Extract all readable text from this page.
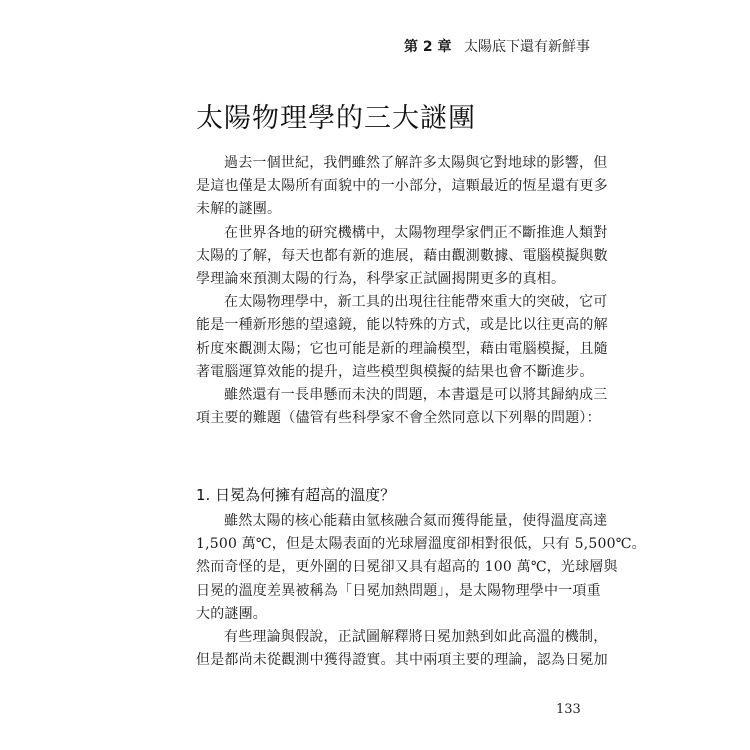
第 2 章 太陽底下還有新鮮事
太陽物理學的三大謎團
過去一個世紀，我們雖然了解許多太陽與它對地球的影響，但
是這也僅是太陽所有面貌中的一小部分，這顆最近的恆星還有更多
未解的謎團。
在世界各地的研究機構中，太陽物理學家們正不斷推進人類對
太陽的了解，每天也都有新的進展，藉由觀測數據、電腦模擬與數
學理論來預測太陽的行為，科學家正試圖揭開更多的真相。
在太陽物理學中，新工具的出現往往能帶來重大的突破，它可
能是一種新形態的望遠鏡，能以特殊的方式，或是比以往更高的解
析度來觀測太陽；它也可能是新的理論模型，藉由電腦模擬，且隨
著電腦運算效能的提升，這些模型與模擬的結果也會不斷進步。
雖然還有一長串懸而未決的問題，本書還是可以將其歸納成三
項主要的難題（儘管有些科學家不會全然同意以下列舉的問題）：
1. 日冕為何擁有超高的溫度？
雖然太陽的核心能藉由氫核融合氦而獲得能量，使得溫度高達
1,500 萬℃，但是太陽表面的光球層溫度卻相對很低，只有 5,500℃。
然而奇怪的是，更外圍的日冕卻又具有超高的 100 萬℃，光球層與
日冕的溫度差異被稱為「日冕加熱問題」，是太陽物理學中一項重
大的謎團。
有些理論與假說，正試圖解釋將日冕加熱到如此高溫的機制，
但是都尚未從觀測中獲得證實。其中兩項主要的理論，認為日冕加
133
